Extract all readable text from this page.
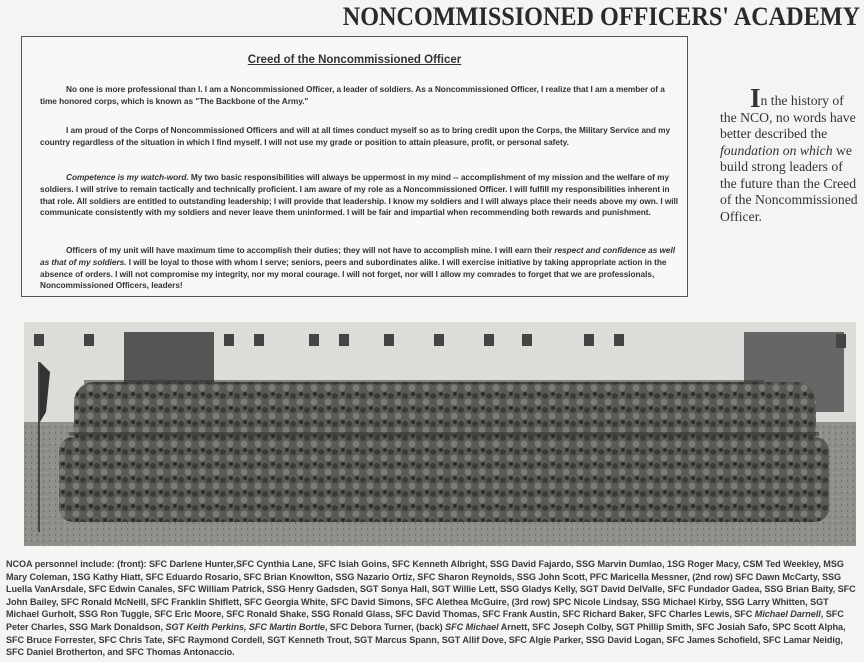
NONCOMMISSIONED OFFICERS' ACADEMY
Creed of the Noncommissioned Officer
No one is more professional than I. I am a Noncommissioned Officer, a leader of soldiers. As a Noncommissioned Officer, I realize that I am a member of a time honored corps, which is known as "The Backbone of the Army."
I am proud of the Corps of Noncommissioned Officers and will at all times conduct myself so as to bring credit upon the Corps, the Military Service and my country regardless of the situation in which I find myself. I will not use my grade or position to attain pleasure, profit, or personal safety.
Competence is my watch-word. My two basic responsibilities will always be uppermost in my mind -- accomplishment of my mission and the welfare of my soldiers. I will strive to remain tactically and technically proficient. I am aware of my role as a Noncommissioned Officer. I will fulfill my responsibilities inherent in that role. All soldiers are entitled to outstanding leadership; I will provide that leadership. I know my soldiers and I will always place their needs above my own. I will communicate consistently with my soldiers and never leave them uninformed. I will be fair and impartial when recommending both rewards and punishment.
Officers of my unit will have maximum time to accomplish their duties; they will not have to accomplish mine. I will earn their respect and confidence as well as that of my soldiers. I will be loyal to those with whom I serve; seniors, peers and subordinates alike. I will exercise initiative by taking appropriate action in the absence of orders. I will not compromise my integrity, nor my moral courage. I will not forget, nor will I allow my comrades to forget that we are professionals, Noncommissioned Officers, leaders!
In the history of the NCO, no words have better described the foundation on which we build strong leaders of the future than the Creed of the Noncommissioned Officer.
NCOA personnel include: (front): SFC Darlene Hunter,SFC Cynthia Lane, SFC Isiah Goins, SFC Kenneth Albright, SSG David Fajardo, SSG Marvin Dumlao, 1SG Roger Macy, CSM Ted Weekley, MSG Mary Coleman, 1SG Kathy Hiatt, SFC Eduardo Rosario, SFC Brian Knowlton, SSG Nazario Ortiz, SFC Sharon Reynolds, SSG John Scott, PFC Maricella Messner, (2nd row) SFC Dawn McCarty, SSG Luella VanArsdale, SFC Edwin Canales, SFC William Patrick, SSG Henry Gadsden, SGT Sonya Hall, SGT Willie Lett, SSG Gladys Kelly, SGT David DelValle, SFC Fundador Gadea, SSG Brian Baity, SFC John Bailey, SFC Ronald McNeill, SFC Franklin Shiflett, SFC Georgia White, SFC David Simons, SFC Alethea McGuire, (3rd row) SPC Nicole Lindsay, SSG Michael Kirby, SSG Larry Whitten, SGT Michael Gurholt, SSG Ron Tuggle, SFC Eric Moore, SFC Ronald Shake, SSG Ronald Glass, SFC David Thomas, SFC Frank Austin, SFC Richard Baker, SFC Charles Lewis, SFC Michael Darnell, SFC Peter Charles, SSG Mark Donaldson, SGT Keith Perkins, SFC Martin Bortle, SFC Debora Turner, (back) SFC Michael Arnett, SFC Joseph Colby, SGT Phillip Smith, SFC Josiah Safo, SPC Scott Alpha, SFC Bruce Forrester, SFC Chris Tate, SFC Raymond Cordell, SGT Kenneth Trout, SGT Marcus Spann, SGT Allif Dove, SFC Algie Parker, SSG David Logan, SFC James Schofield, SFC Lamar Neidig, SFC Daniel Brotherton, and SFC Thomas Antonaccio.
